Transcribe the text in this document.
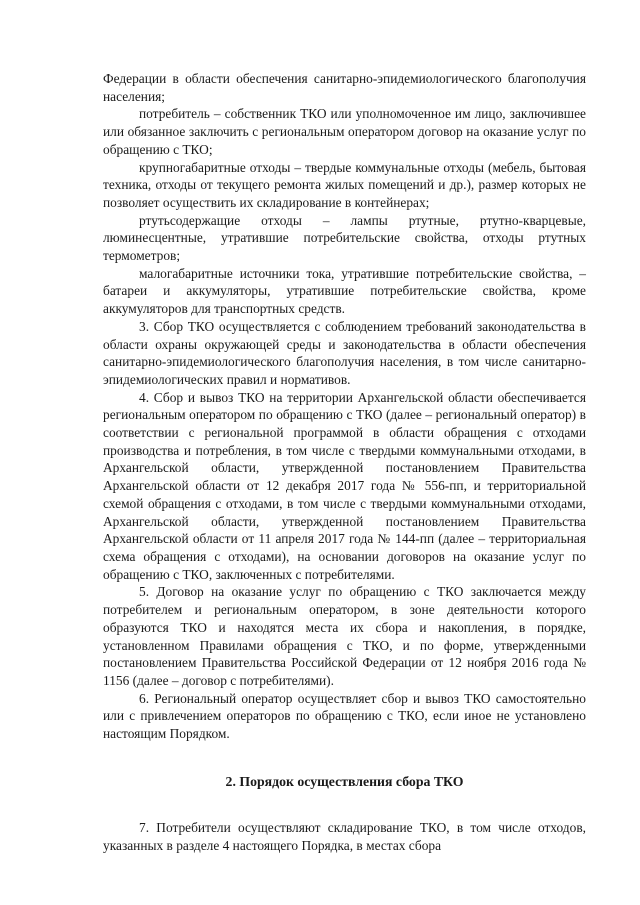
Федерации в области обеспечения санитарно-эпидемиологического благополучия населения;

потребитель – собственник ТКО или уполномоченное им лицо, заключившее или обязанное заключить с региональным оператором договор на оказание услуг по обращению с ТКО;

крупногабаритные отходы – твердые коммунальные отходы (мебель, бытовая техника, отходы от текущего ремонта жилых помещений и др.), размер которых не позволяет осуществить их складирование в контейнерах;

ртутьсодержащие отходы – лампы ртутные, ртутно-кварцевые, люминесцентные, утратившие потребительские свойства, отходы ртутных термометров;

малогабаритные источники тока, утратившие потребительские свойства, – батареи и аккумуляторы, утратившие потребительские свойства, кроме аккумуляторов для транспортных средств.

3. Сбор ТКО осуществляется с соблюдением требований законодательства в области охраны окружающей среды и законодательства в области обеспечения санитарно-эпидемиологического благополучия населения, в том числе санитарно-эпидемиологических правил и нормативов.

4. Сбор и вывоз ТКО на территории Архангельской области обеспечивается региональным оператором по обращению с ТКО (далее – региональный оператор) в соответствии с региональной программой в области обращения с отходами производства и потребления, в том числе с твердыми коммунальными отходами, в Архангельской области, утвержденной постановлением Правительства Архангельской области от 12 декабря 2017 года № 556-пп, и территориальной схемой обращения с отходами, в том числе с твердыми коммунальными отходами, Архангельской области, утвержденной постановлением Правительства Архангельской области от 11 апреля 2017 года № 144-пп (далее – территориальная схема обращения с отходами), на основании договоров на оказание услуг по обращению с ТКО, заключенных с потребителями.

5. Договор на оказание услуг по обращению с ТКО заключается между потребителем и региональным оператором, в зоне деятельности которого образуются ТКО и находятся места их сбора и накопления, в порядке, установленном Правилами обращения с ТКО, и по форме, утвержденными постановлением Правительства Российской Федерации от 12 ноября 2016 года № 1156 (далее – договор с потребителями).

6. Региональный оператор осуществляет сбор и вывоз ТКО самостоятельно или с привлечением операторов по обращению с ТКО, если иное не установлено настоящим Порядком.

2. Порядок осуществления сбора ТКО

7. Потребители осуществляют складирование ТКО, в том числе отходов, указанных в разделе 4 настоящего Порядка, в местах сбора
